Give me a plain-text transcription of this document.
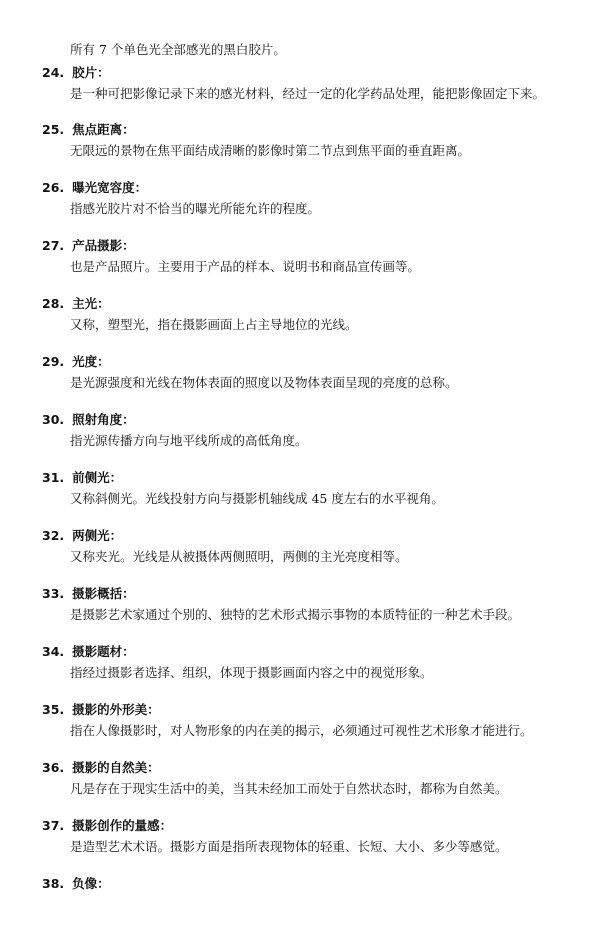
所有 7 个单色光全部感光的黑白胶片。
24. 胶片：
是一种可把影像记录下来的感光材料，经过一定的化学药品处理，能把影像固定下来。
25. 焦点距离：
无限远的景物在焦平面结成清晰的影像时第二节点到焦平面的垂直距离。
26. 曝光宽容度：
指感光胶片对不恰当的曝光所能允许的程度。
27. 产品摄影：
也是产品照片。主要用于产品的样本、说明书和商品宣传画等。
28. 主光：
又称，塑型光，指在摄影画面上占主导地位的光线。
29. 光度：
是光源强度和光线在物体表面的照度以及物体表面呈现的亮度的总称。
30. 照射角度：
指光源传播方向与地平线所成的高低角度。
31. 前侧光：
又称斜侧光。光线投射方向与摄影机轴线成 45 度左右的水平视角。
32. 两侧光：
又称夹光。光线是从被摄体两侧照明，两侧的主光亮度相等。
33. 摄影概括：
是摄影艺术家通过个别的、独特的艺术形式揭示事物的本质特征的一种艺术手段。
34. 摄影题材：
指经过摄影者选择、组织，体现于摄影画面内容之中的视觉形象。
35. 摄影的外形美：
指在人像摄影时，对人物形象的内在美的揭示，必须通过可视性艺术形象才能进行。
36. 摄影的自然美：
凡是存在于现实生活中的美，当其未经加工而处于自然状态时，都称为自然美。
37. 摄影创作的量感：
是造型艺术术语。摄影方面是指所表现物体的轻重、长短、大小、多少等感觉。
38. 负像：
